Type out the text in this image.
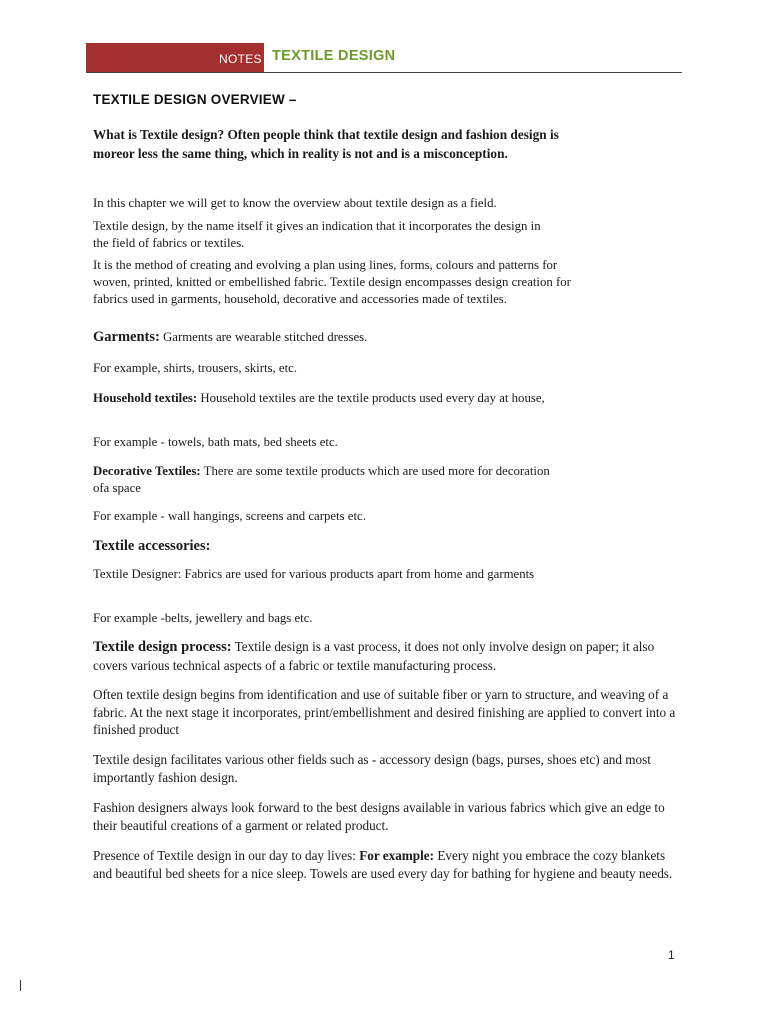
NOTES TEXTILE DESIGN
TEXTILE DESIGN OVERVIEW –

What is Textile design? Often people think that textile design and fashion design is moreor less the same thing, which in reality is not and is a misconception.

In this chapter we will get to know the overview about textile design as a field.

Textile design, by the name itself it gives an indication that it incorporates the design in the field of fabrics or textiles.

It is the method of creating and evolving a plan using lines, forms, colours and patterns for woven, printed, knitted or embellished fabric. Textile design encompasses design creation for fabrics used in garments, household, decorative and accessories made of textiles.

Garments: Garments are wearable stitched dresses.

For example, shirts, trousers, skirts, etc.

Household textiles: Household textiles are the textile products used every day at house,

For example - towels, bath mats, bed sheets etc.

Decorative Textiles: There are some textile products which are used more for decoration ofa space

For example - wall hangings, screens and carpets etc.

Textile accessories:

Textile Designer: Fabrics are used for various products apart from home and garments

For example -belts, jewellery and bags etc.

Textile design process: Textile design is a vast process, it does not only involve design on paper; it also covers various technical aspects of a fabric or textile manufacturing process.

Often textile design begins from identification and use of suitable fiber or yarn to structure, and weaving of a fabric. At the next stage it incorporates, print/embellishment and desired finishing are applied to convert into a finished product

Textile design facilitates various other fields such as - accessory design (bags, purses, shoes etc) and most importantly fashion design.

Fashion designers always look forward to the best designs available in various fabrics which give an edge to their beautiful creations of a garment or related product.

Presence of Textile design in our day to day lives: For example: Every night you embrace the cozy blankets and beautiful bed sheets for a nice sleep. Towels are used every day for bathing for hygiene and beauty needs.

1
